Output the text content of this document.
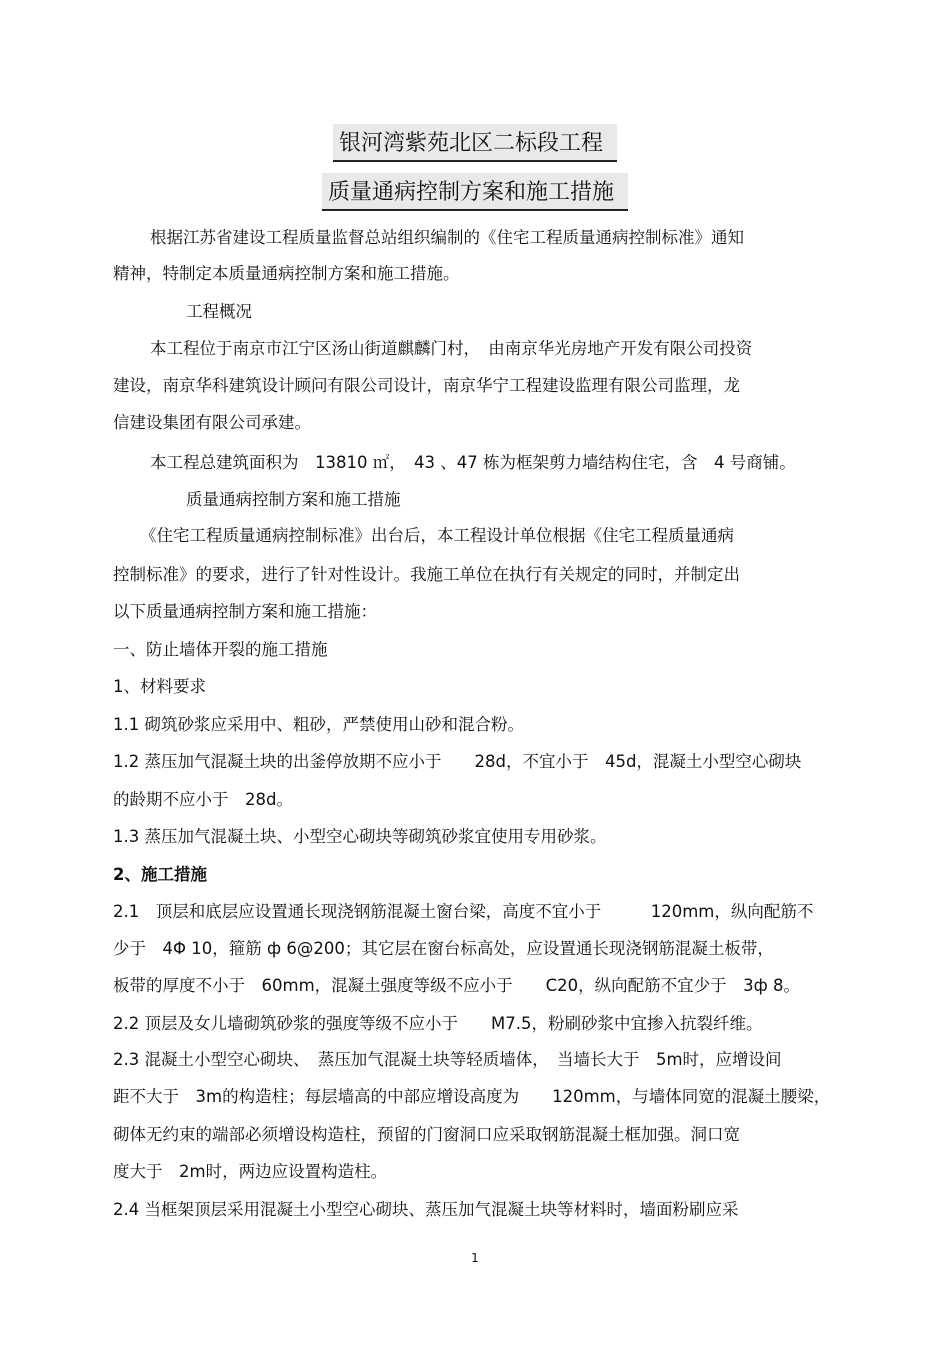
银河湾紫苑北区二标段工程
质量通病控制方案和施工措施
根据江苏省建设工程质量监督总站组织编制的《住宅工程质量通病控制标准》通知
精神，特制定本质量通病控制方案和施工措施。
工程概况
本工程位于南京市江宁区汤山街道麒麟门村，　由南京华光房地产开发有限公司投资
建设，南京华科建筑设计顾问有限公司设计，南京华宁工程建设监理有限公司监理，龙
信建设集团有限公司承建。
本工程总建筑面积为　13810 ㎡，　43 、47 栋为框架剪力墙结构住宅，含　4 号商铺。
质量通病控制方案和施工措施
《住宅工程质量通病控制标准》出台后，本工程设计单位根据《住宅工程质量通病
控制标准》的要求，进行了针对性设计。我施工单位在执行有关规定的同时，并制定出
以下质量通病控制方案和施工措施：
一、防止墙体开裂的施工措施
1、材料要求
1.1 砌筑砂浆应采用中、粗砂，严禁使用山砂和混合粉。
1.2 蒸压加气混凝土块的出釜停放期不应小于　　28d，不宜小于　45d，混凝土小型空心砌块
的龄期不应小于　28d。
1.3 蒸压加气混凝土块、小型空心砌块等砌筑砂浆宜使用专用砂浆。
2、施工措施
2.1　顶层和底层应设置通长现浇钢筋混凝土窗台梁，高度不宜小于　　　120mm，纵向配筋不
少于　4Φ 10，箍筋 ф 6@200；其它层在窗台标高处，应设置通长现浇钢筋混凝土板带，
板带的厚度不小于　60mm，混凝土强度等级不应小于　　C20，纵向配筋不宜少于　3ф 8。
2.2 顶层及女儿墙砌筑砂浆的强度等级不应小于　　M7.5，粉刷砂浆中宜掺入抗裂纤维。
2.3 混凝土小型空心砌块、　蒸压加气混凝土块等轻质墙体，　当墙长大于　5m时，应增设间
距不大于　3m的构造柱；每层墙高的中部应增设高度为　　120mm，与墙体同宽的混凝土腰梁，
砌体无约束的端部必须增设构造柱，预留的门窗洞口应采取钢筋混凝土框加强。洞口宽
度大于　2m时，两边应设置构造柱。
2.4 当框架顶层采用混凝土小型空心砌块、蒸压加气混凝土块等材料时，墙面粉刷应采
1
